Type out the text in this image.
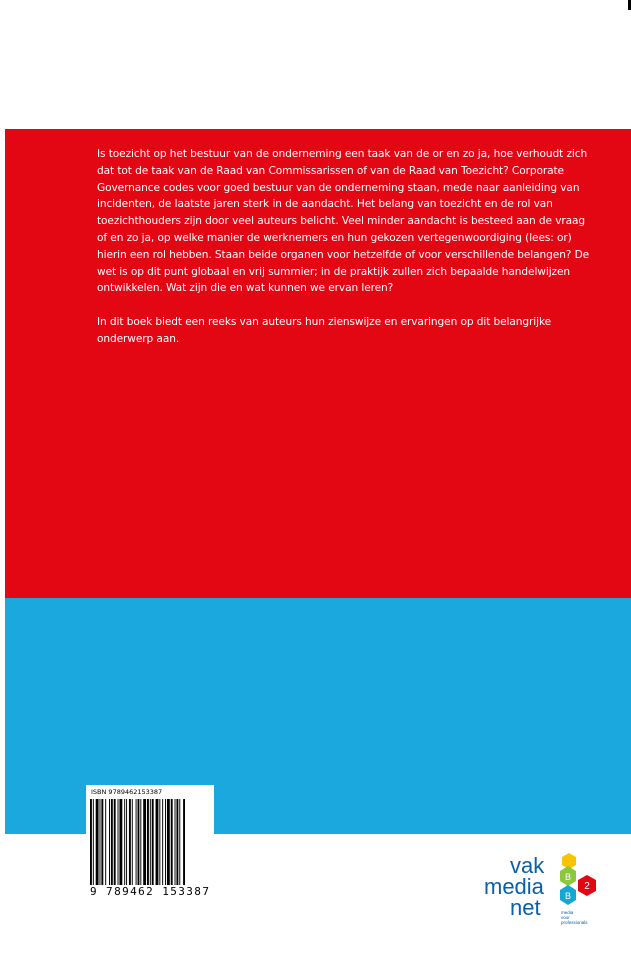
Is toezicht op het bestuur van de onderneming een taak van de or en zo ja, hoe verhoudt zich dat tot de taak van de Raad van Commissarissen of van de Raad van Toezicht? Corporate Governance codes voor goed bestuur van de onderneming staan, mede naar aanleiding van incidenten, de laatste jaren sterk in de aandacht. Het belang van toezicht en de rol van toezichthouders zijn door veel auteurs belicht. Veel minder aandacht is besteed aan de vraag of en zo ja, op welke manier de werknemers en hun gekozen vertegenwoordiging (lees: or) hierin een rol hebben. Staan beide organen voor hetzelfde of voor verschillende belangen? De wet is op dit punt globaal en vrij summier; in de praktijk zullen zich bepaalde handelwijzen ontwikkelen. Wat zijn die en wat kunnen we ervan leren?

In dit boek biedt een reeks van auteurs hun zienswijze en ervaringen op dit belangrijke onderwerp aan.

ISBN 9789462153387
9 789462 153387
vak
media
net
B
2
B
media
voor
professionals
